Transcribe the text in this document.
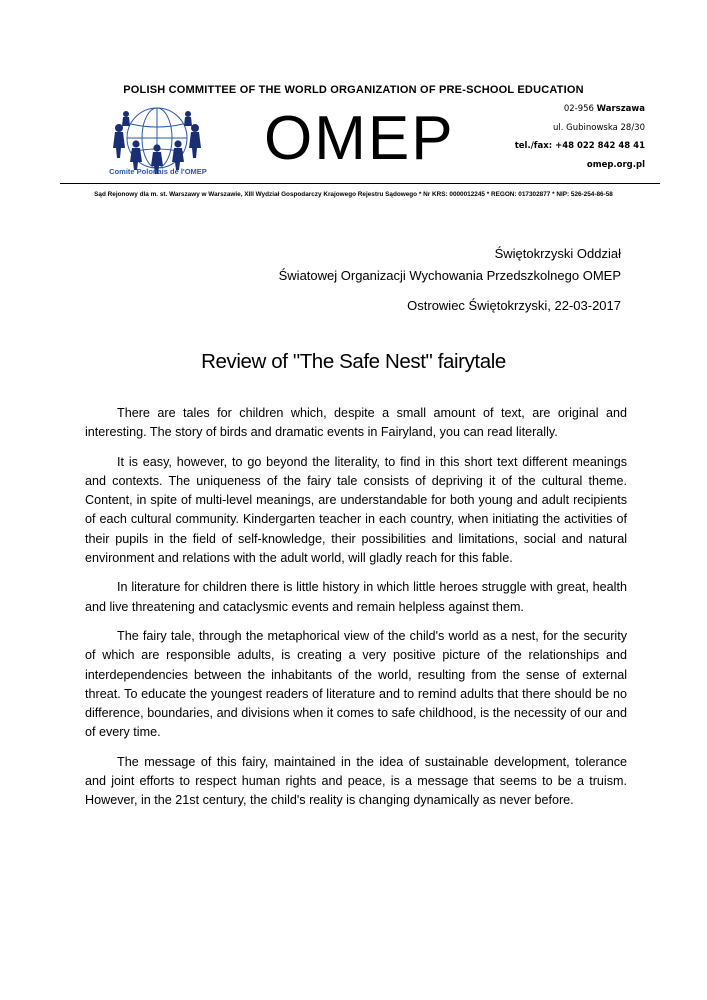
POLISH COMMITTEE OF THE WORLD ORGANIZATION OF PRE-SCHOOL EDUCATION
Comite Polonais de l'OMEP OMEP	02-956 Warszawa
ul. Gubinowska 28/30
tel./fax: +48 022 842 48 41
omep.org.pl
Sąd Rejonowy dla m. st. Warszawy w Warszawie, XIII Wydział Gospodarczy Krajowego Rejestru Sądowego * Nr KRS: 0000012245 * REGON: 017302877 * NIP: 526-254-86-58
Świętokrzyski Oddział
Światowej Organizacji Wychowania Przedszkolnego OMEP
Ostrowiec Świętokrzyski, 22-03-2017
Review of "The Safe Nest" fairytale

There are tales for children which, despite a small amount of text, are original and interesting. The story of birds and dramatic events in Fairyland, you can read literally.

It is easy, however, to go beyond the literality, to find in this short text different meanings and contexts. The uniqueness of the fairy tale consists of depriving it of the cultural theme. Content, in spite of multi-level meanings, are understandable for both young and adult recipients of each cultural community. Kindergarten teacher in each country, when initiating the activities of their pupils in the field of self-knowledge, their possibilities and limitations, social and natural environment and relations with the adult world, will gladly reach for this fable.

In literature for children there is little history in which little heroes struggle with great, health and live threatening and cataclysmic events and remain helpless against them.

The fairy tale, through the metaphorical view of the child's world as a nest, for the security of which are responsible adults, is creating a very positive picture of the relationships and interdependencies between the inhabitants of the world, resulting from the sense of external threat. To educate the youngest readers of literature and to remind adults that there should be no difference, boundaries, and divisions when it comes to safe childhood, is the necessity of our and of every time.

The message of this fairy, maintained in the idea of sustainable development, tolerance and joint efforts to respect human rights and peace, is a message that seems to be a truism. However, in the 21st century, the child's reality is changing dynamically as never before.
